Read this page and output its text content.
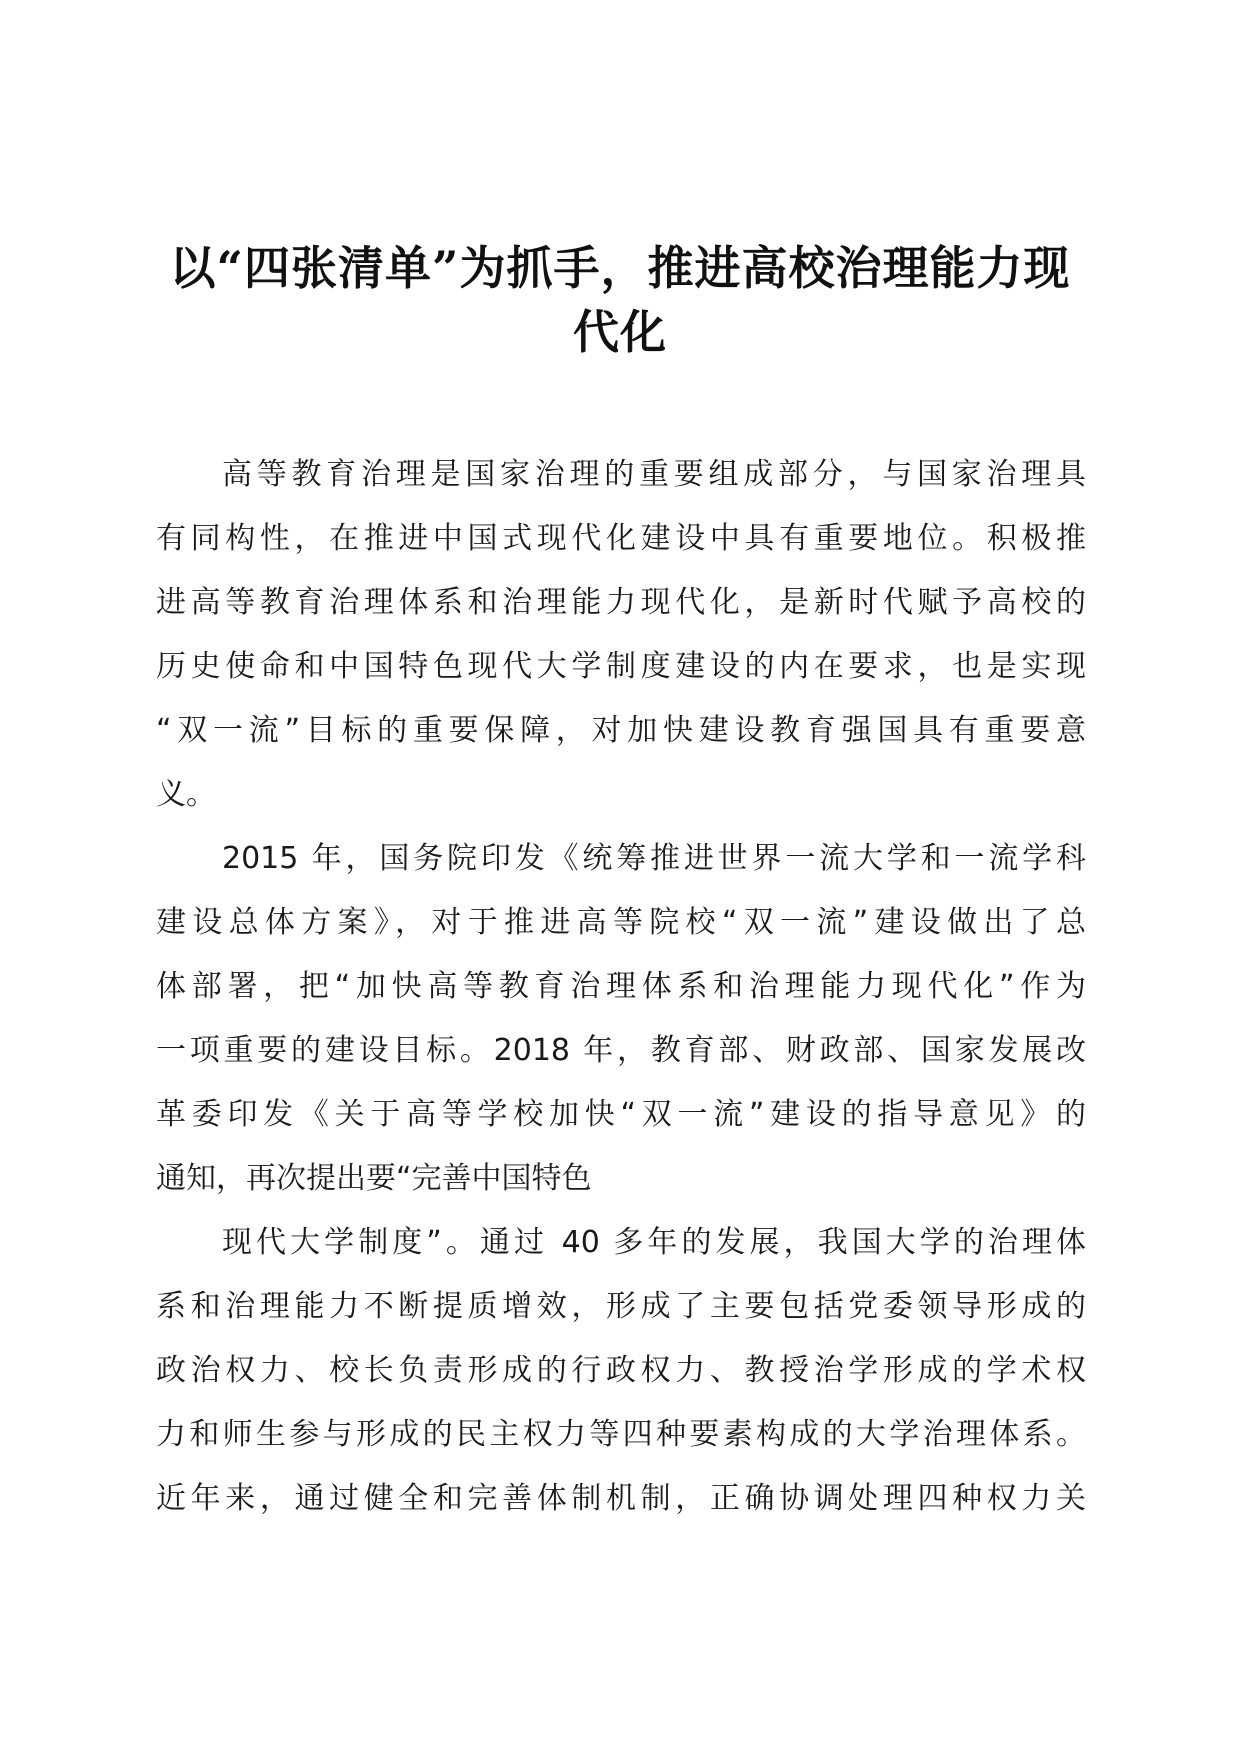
以“四张清单”为抓手，推进高校治理能力现
代化
高等教育治理是国家治理的重要组成部分，与国家治理具
有同构性，在推进中国式现代化建设中具有重要地位。积极推
进高等教育治理体系和治理能力现代化，是新时代赋予高校的
历史使命和中国特色现代大学制度建设的内在要求，也是实现
“双一流”目标的重要保障，对加快建设教育强国具有重要意
义。
2015 年，国务院印发《统筹推进世界一流大学和一流学科
建设总体方案》，对于推进高等院校“双一流”建设做出了总
体部署，把“加快高等教育治理体系和治理能力现代化”作为
一项重要的建设目标。2018 年，教育部、财政部、国家发展改
革委印发《关于高等学校加快“双一流”建设的指导意见》的
通知，再次提出要“完善中国特色
现代大学制度”。通过 40 多年的发展，我国大学的治理体
系和治理能力不断提质增效，形成了主要包括党委领导形成的
政治权力、校长负责形成的行政权力、教授治学形成的学术权
力和师生参与形成的民主权力等四种要素构成的大学治理体系。
近年来，通过健全和完善体制机制，正确协调处理四种权力关
